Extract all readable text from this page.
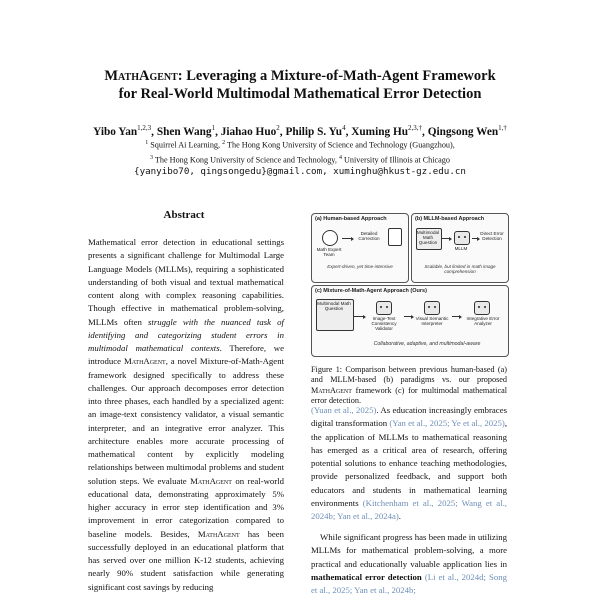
MathAgent: Leveraging a Mixture-of-Math-Agent Framework
for Real-World Multimodal Mathematical Error Detection
Yibo Yan$^{1,2,3}$, Shen Wang$^1$, Jiahao Huo$^2$, Philip S. Yu$^4$, Xuming $Hu^{2,3,\dagger}$, Qingsong Wen$^{1,\dagger}$
$^1$ Squirrel Ai Learning, $^2$ The Hong Kong University of Science and Technology (Guangzhou),
$^3$ The Hong Kong University of Science and Technology, $^4$ University of Illinois at Chicago
{yanyibo70, qingsongedu}@gmail.com, xuminghu@hkust-gz.edu.cn
Abstract
Mathematical error detection in educational settings presents a significant challenge for Multimodal Large Language Models (MLLMs), requiring a sophisticated understanding of both visual and textual mathematical content along with complex reasoning capabilities. Though effective in mathematical problem-solving, MLLMs often struggle with the nuanced task of identifying and categorizing student errors in multimodal mathematical contexts. Therefore, we introduce MathAgent, a novel Mixture-of-Math-Agent framework designed specifically to address these challenges. Our approach decomposes error detection into three phases, each handled by a specialized agent: an image-text consistency validator, a visual semantic interpreter, and an integrative error analyzer. This architecture enables more accurate processing of mathematical content by explicitly modeling relationships between multimodal problems and student solution steps. We evaluate MathAgent on real-world educational data, demonstrating approximately 5% higher accuracy in error step identification and 3% improvement in error categorization compared to baseline models. Besides, MathAgent has been successfully deployed in an educational platform that has served over one million K-12 students, achieving nearly 90% student satisfaction while generating significant cost savings by reducing
(a) Human-based Approach
Math Expert Team
Detailed Correction
Expert-driven, yet time-intensive
(b) MLLM-based Approach
Multimodal Math Question
MLLM
Direct Error Detection
Scalable, but limited in math image comprehension
(c) Mixture-of-Math-Agent Approach (Ours)
Multimodal Math Question
Image-Text Consistency Validator
Visual Semantic Interpreter
Integrative Error Analyzer
Collaborative, adaptive, and multimodal-aware
Figure 1: Comparison between previous human-based (a) and MLLM-based (b) paradigms vs. our proposed MathAgent framework (c) for multimodal mathematical error detection.
(Yuan et al., 2025). As education increasingly embraces digital transformation (Yan et al., 2025; Ye et al., 2025), the application of MLLMs to mathematical reasoning has emerged as a critical area of research, offering potential solutions to enhance teaching methodologies, provide personalized feedback, and support both educators and students in mathematical learning environments (Kitchenham et al., 2025; Wang et al., 2024b; Yan et al., 2024a).
While significant progress has been made in utilizing MLLMs for mathematical problem-solving, a more practical and educationally valuable application lies in mathematical error detection (Li et al., 2024d; Song et al., 2025; Yan et al., 2024b;
